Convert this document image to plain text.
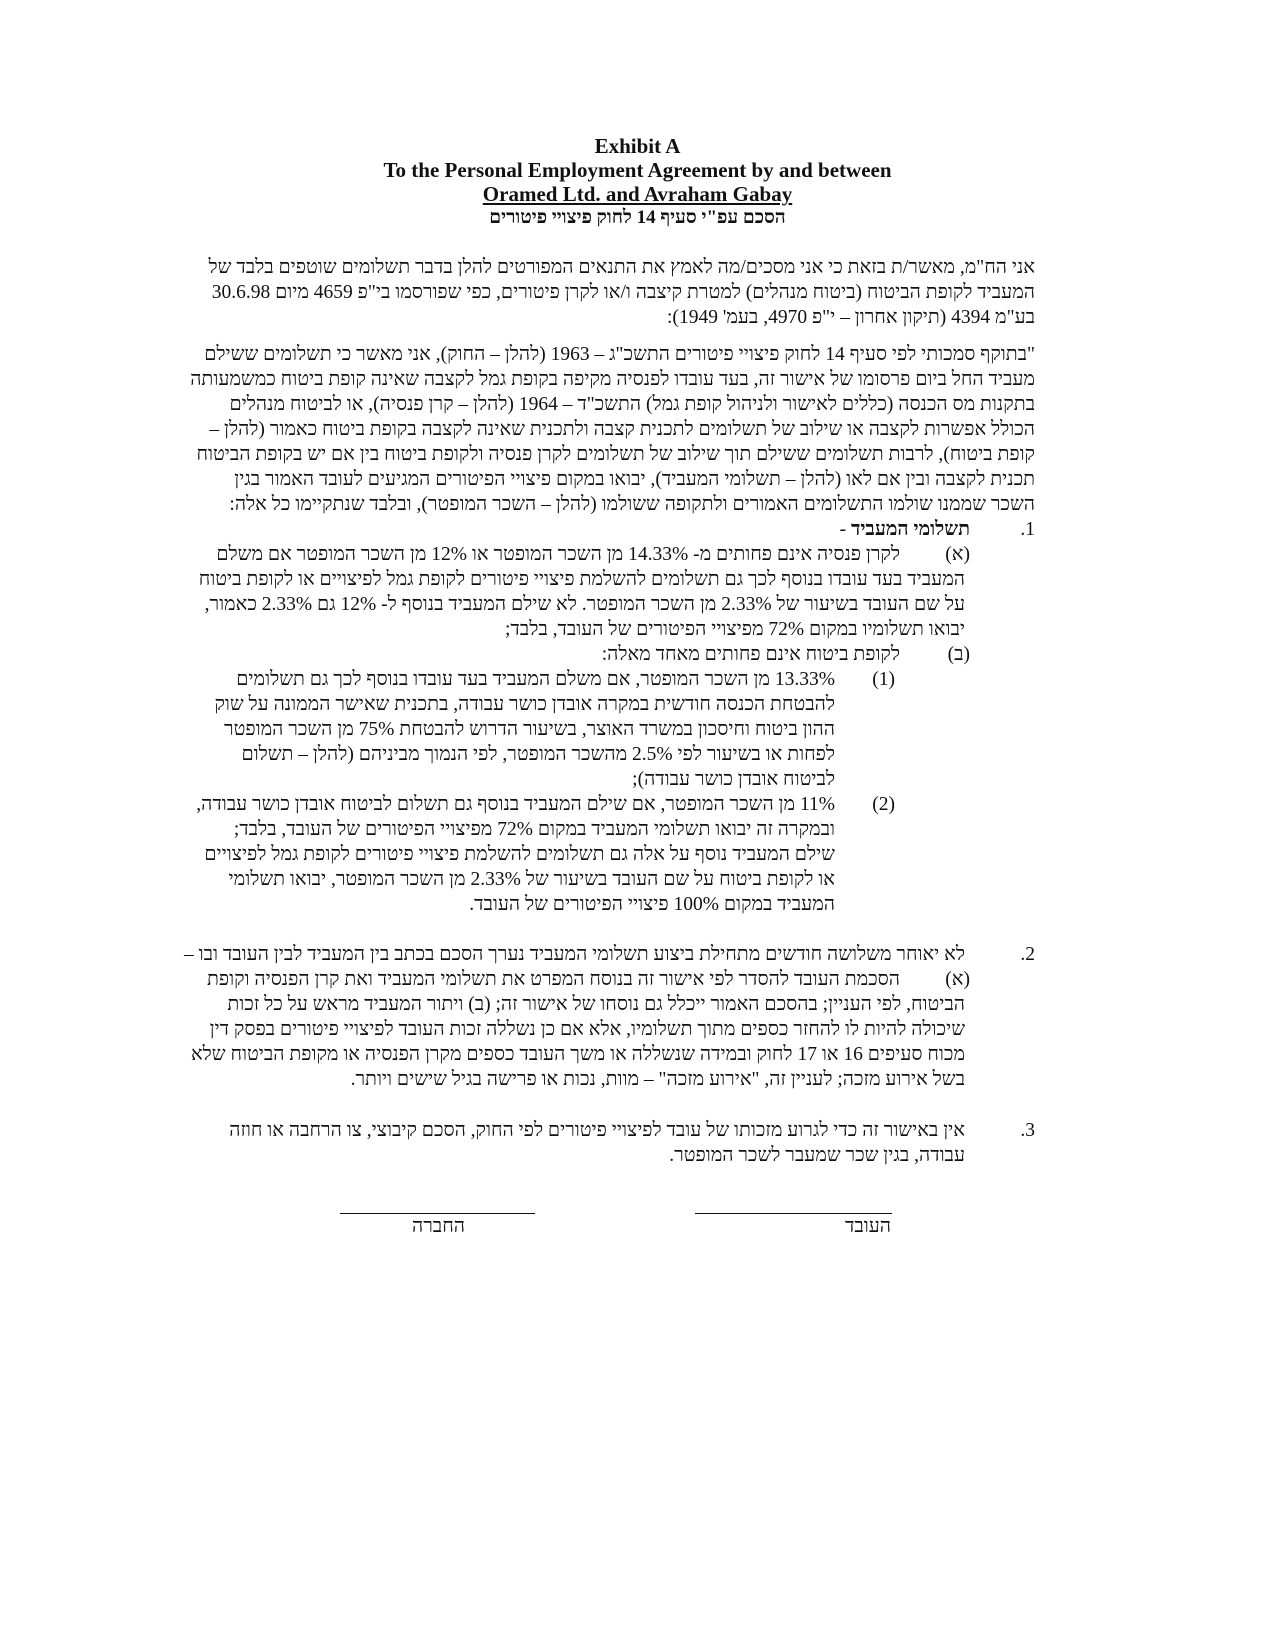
Exhibit A
To the Personal Employment Agreement by and between
Oramed Ltd. and Avraham Gabay
הסכם עפ"י סעיף 14 לחוק פיצויי פיטורים
אני הח"מ, מאשר/ת בזאת כי אני מסכים/מה לאמץ את התנאים המפורטים להלן בדבר תשלומים שוטפים בלבד של
המעביד לקופת הביטוח (ביטוח מנהלים) למטרת קיצבה ו/או לקרן פיטורים, כפי שפורסמו בי"פ 4659 מיום 30.6.98
בע"מ 4394 (תיקון אחרון – י"פ 4970, בעמ' 1949):
"בתוקף סמכותי לפי סעיף 14 לחוק פיצויי פיטורים התשכ"ג – 1963 (להלן – החוק), אני מאשר כי תשלומים ששילם
מעביד החל ביום פרסומו של אישור זה, בעד עובדו לפנסיה מקיפה בקופת גמל לקצבה שאינה קופת ביטוח כמשמעותה
בתקנות מס הכנסה (כללים לאישור ולניהול קופת גמל) התשכ"ד – 1964 (להלן – קרן פנסיה), או לביטוח מנהלים
הכולל אפשרות לקצבה או שילוב של תשלומים לתכנית קצבה ולתכנית שאינה לקצבה בקופת ביטוח כאמור (להלן –
קופת ביטוח), לרבות תשלומים ששילם תוך שילוב של תשלומים לקרן פנסיה ולקופת ביטוח בין אם יש בקופת הביטוח
תכנית לקצבה ובין אם לאו (להלן – תשלומי המעביד), יבואו במקום פיצויי הפיטורים המגיעים לעובד האמור בגין
השכר שממנו שולמו התשלומים האמורים ולתקופה ששולמו (להלן – השכר המופטר), ובלבד שנתקיימו כל אלה:
1.
תשלומי המעביד -
(א)
לקרן פנסיה אינם פחותים מ- 14.33% מן השכר המופטר או 12% מן השכר המופטר אם משלם
המעביד בעד עובדו בנוסף לכך גם תשלומים להשלמת פיצויי פיטורים לקופת גמל לפיצויים או לקופת ביטוח
על שם העובד בשיעור של 2.33% מן השכר המופטר. לא שילם המעביד בנוסף ל- 12% גם 2.33% כאמור,
יבואו תשלומיו במקום 72% מפיצויי הפיטורים של העובד, בלבד;
(ב)
לקופת ביטוח אינם פחותים מאחד מאלה:
(1)
13.33% מן השכר המופטר, אם משלם המעביד בעד עובדו בנוסף לכך גם תשלומים
להבטחת הכנסה חודשית במקרה אובדן כושר עבודה, בתכנית שאישר הממונה על שוק
ההון ביטוח וחיסכון במשרד האוצר, בשיעור הדרוש להבטחת 75% מן השכר המופטר
לפחות או בשיעור לפי 2.5% מהשכר המופטר, לפי הנמוך מביניהם (להלן – תשלום
לביטוח אובדן כושר עבודה);
(2)
11% מן השכר המופטר, אם שילם המעביד בנוסף גם תשלום לביטוח אובדן כושר עבודה,
ובמקרה זה יבואו תשלומי המעביד במקום 72% מפיצויי הפיטורים של העובד, בלבד;
שילם המעביד נוסף על אלה גם תשלומים להשלמת פיצויי פיטורים לקופת גמל לפיצויים
או לקופת ביטוח על שם העובד בשיעור של 2.33% מן השכר המופטר, יבואו תשלומי
המעביד במקום 100% פיצויי הפיטורים של העובד.
2.
לא יאוחר משלושה חודשים מתחילת ביצוע תשלומי המעביד נערך הסכם בכתב בין המעביד לבין העובד ובו –
הסכמת העובד להסדר לפי אישור זה בנוסח המפרט את תשלומי המעביד ואת קרן הפנסיה וקופת
הביטוח, לפי העניין; בהסכם האמור ייכלל גם נוסחו של אישור זה; (ב) ויתור המעביד מראש על כל זכות
שיכולה להיות לו להחזר כספים מתוך תשלומיו, אלא אם כן נשללה זכות העובד לפיצויי פיטורים בפסק דין
מכוח סעיפים 16 או 17 לחוק ובמידה שנשללה או משך העובד כספים מקרן הפנסיה או מקופת הביטוח שלא
בשל אירוע מזכה; לעניין זה, "אירוע מזכה" – מוות, נכות או פרישה בגיל שישים ויותר.
(א)
3.
אין באישור זה כדי לגרוע מזכותו של עובד לפיצויי פיטורים לפי החוק, הסכם קיבוצי, צו הרחבה או חוזה
עבודה, בגין שכר שמעבר לשכר המופטר.
העובד
החברה
